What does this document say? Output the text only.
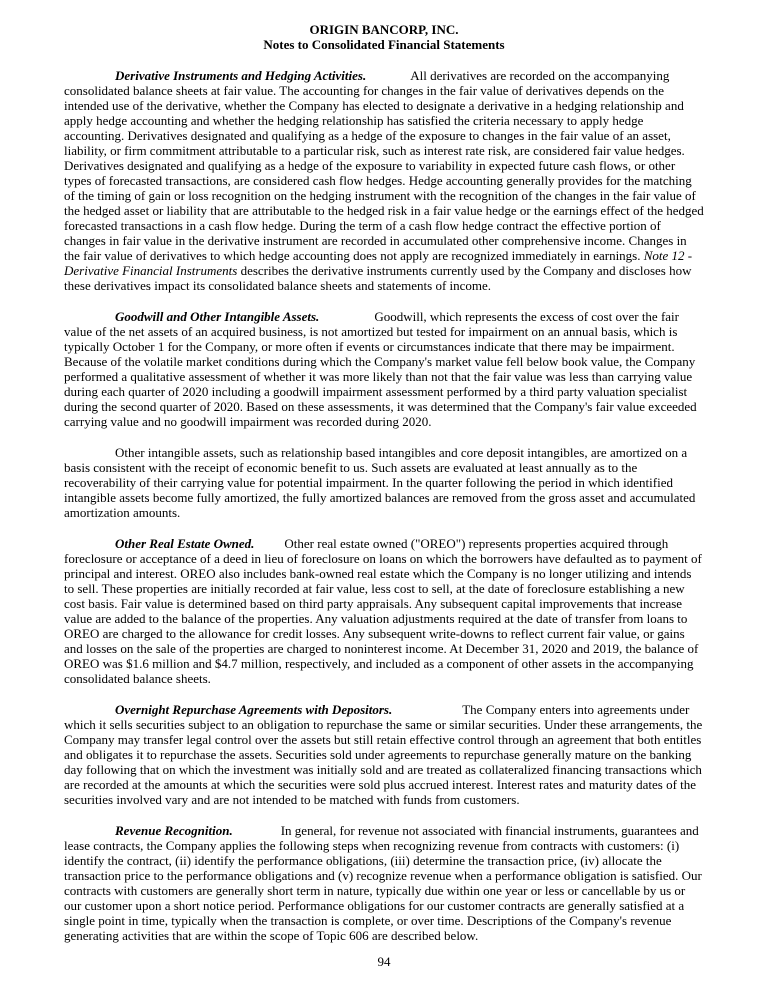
ORIGIN BANCORP, INC.
Notes to Consolidated Financial Statements

Derivative Instruments and Hedging Activities.	All derivatives are recorded on the accompanying consolidated balance sheets at fair value. The accounting for changes in the fair value of derivatives depends on the intended use of the derivative, whether the Company has elected to designate a derivative in a hedging relationship and apply hedge accounting and whether the hedging relationship has satisfied the criteria necessary to apply hedge accounting. Derivatives designated and qualifying as a hedge of the exposure to changes in the fair value of an asset, liability, or firm commitment attributable to a particular risk, such as interest rate risk, are considered fair value hedges. Derivatives designated and qualifying as a hedge of the exposure to variability in expected future cash flows, or other types of forecasted transactions, are considered cash flow hedges. Hedge accounting generally provides for the matching of the timing of gain or loss recognition on the hedging instrument with the recognition of the changes in the fair value of the hedged asset or liability that are attributable to the hedged risk in a fair value hedge or the earnings effect of the hedged forecasted transactions in a cash flow hedge. During the term of a cash flow hedge contract the effective portion of changes in fair value in the derivative instrument are recorded in accumulated other comprehensive income. Changes in the fair value of derivatives to which hedge accounting does not apply are recognized immediately in earnings. Note 12 - Derivative Financial Instruments describes the derivative instruments currently used by the Company and discloses how these derivatives impact its consolidated balance sheets and statements of income.

Goodwill and Other Intangible Assets.	Goodwill, which represents the excess of cost over the fair value of the net assets of an acquired business, is not amortized but tested for impairment on an annual basis, which is typically October 1 for the Company, or more often if events or circumstances indicate that there may be impairment. Because of the volatile market conditions during which the Company's market value fell below book value, the Company performed a qualitative assessment of whether it was more likely than not that the fair value was less than carrying value during each quarter of 2020 including a goodwill impairment assessment performed by a third party valuation specialist during the second quarter of 2020. Based on these assessments, it was determined that the Company's fair value exceeded carrying value and no goodwill impairment was recorded during 2020.

Other intangible assets, such as relationship based intangibles and core deposit intangibles, are amortized on a basis consistent with the receipt of economic benefit to us. Such assets are evaluated at least annually as to the recoverability of their carrying value for potential impairment. In the quarter following the period in which identified intangible assets become fully amortized, the fully amortized balances are removed from the gross asset and accumulated amortization amounts.

Other Real Estate Owned. Other real estate owned ("OREO") represents properties acquired through foreclosure or acceptance of a deed in lieu of foreclosure on loans on which the borrowers have defaulted as to payment of principal and interest. OREO also includes bank-owned real estate which the Company is no longer utilizing and intends to sell. These properties are initially recorded at fair value, less cost to sell, at the date of foreclosure establishing a new cost basis. Fair value is determined based on third party appraisals. Any subsequent capital improvements that increase value are added to the balance of the properties. Any valuation adjustments required at the date of transfer from loans to OREO are charged to the allowance for credit losses. Any subsequent write-downs to reflect current fair value, or gains and losses on the sale of the properties are charged to noninterest income. At December 31, 2020 and 2019, the balance of OREO was $1.6 million and $4.7 million, respectively, and included as a component of other assets in the accompanying consolidated balance sheets.

Overnight Repurchase Agreements with Depositors.	The Company enters into agreements under which it sells securities subject to an obligation to repurchase the same or similar securities. Under these arrangements, the Company may transfer legal control over the assets but still retain effective control through an agreement that both entitles and obligates it to repurchase the assets. Securities sold under agreements to repurchase generally mature on the banking day following that on which the investment was initially sold and are treated as collateralized financing transactions which are recorded at the amounts at which the securities were sold plus accrued interest. Interest rates and maturity dates of the securities involved vary and are not intended to be matched with funds from customers.

Revenue Recognition.	In general, for revenue not associated with financial instruments, guarantees and lease contracts, the Company applies the following steps when recognizing revenue from contracts with customers: (i) identify the contract, (ii) identify the performance obligations, (iii) determine the transaction price, (iv) allocate the transaction price to the performance obligations and (v) recognize revenue when a performance obligation is satisfied. Our contracts with customers are generally short term in nature, typically due within one year or less or cancellable by us or our customer upon a short notice period. Performance obligations for our customer contracts are generally satisfied at a single point in time, typically when the transaction is complete, or over time. Descriptions of the Company's revenue generating activities that are within the scope of Topic 606 are described below.

94
